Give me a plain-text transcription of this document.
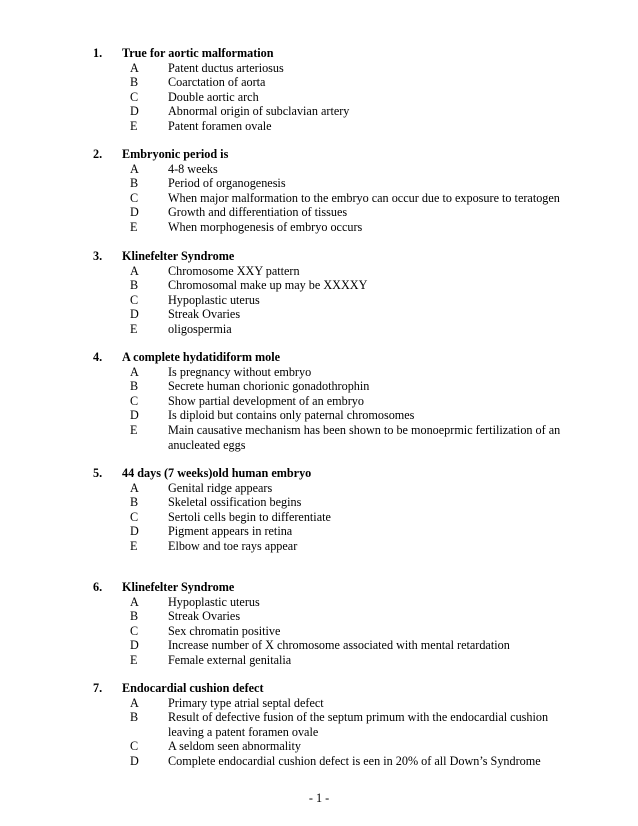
1. True for aortic malformation
A	Patent ductus arteriosus
B	Coarctation of aorta
C	Double aortic arch
D	Abnormal origin of subclavian artery
E	Patent foramen ovale
2. Embryonic period is
A	4-8 weeks
B	Period of organogenesis
C	When major malformation to the embryo can occur due to exposure to teratogen
D	Growth and differentiation of tissues
E	When morphogenesis of embryo occurs
3. Klinefelter Syndrome
A	Chromosome XXY pattern
B	Chromosomal make up may be XXXXY
C	Hypoplastic uterus
D	Streak Ovaries
E	oligospermia
4. A complete hydatidiform mole
A	Is pregnancy without embryo
B	Secrete human chorionic gonadothrophin
C	Show partial development of an embryo
D	Is diploid but contains only paternal chromosomes
E	Main causative mechanism has been shown to be monoeprmic fertilization of an anucleated eggs
5. 44 days (7 weeks)old human embryo
A	Genital ridge appears
B	Skeletal ossification begins
C	Sertoli cells begin to differentiate
D	Pigment appears in retina
E	Elbow and toe rays appear
6. Klinefelter Syndrome
A	Hypoplastic uterus
B	Streak Ovaries
C	Sex chromatin positive
D	Increase number of X chromosome associated with mental retardation
E	Female external genitalia
7. Endocardial cushion defect
A	Primary type atrial septal defect
B	Result of defective fusion of the septum primum with the endocardial cushion leaving a patent foramen ovale
C	A seldom seen abnormality
D	Complete endocardial cushion defect is een in 20% of all Down’s Syndrome
- 1 -
